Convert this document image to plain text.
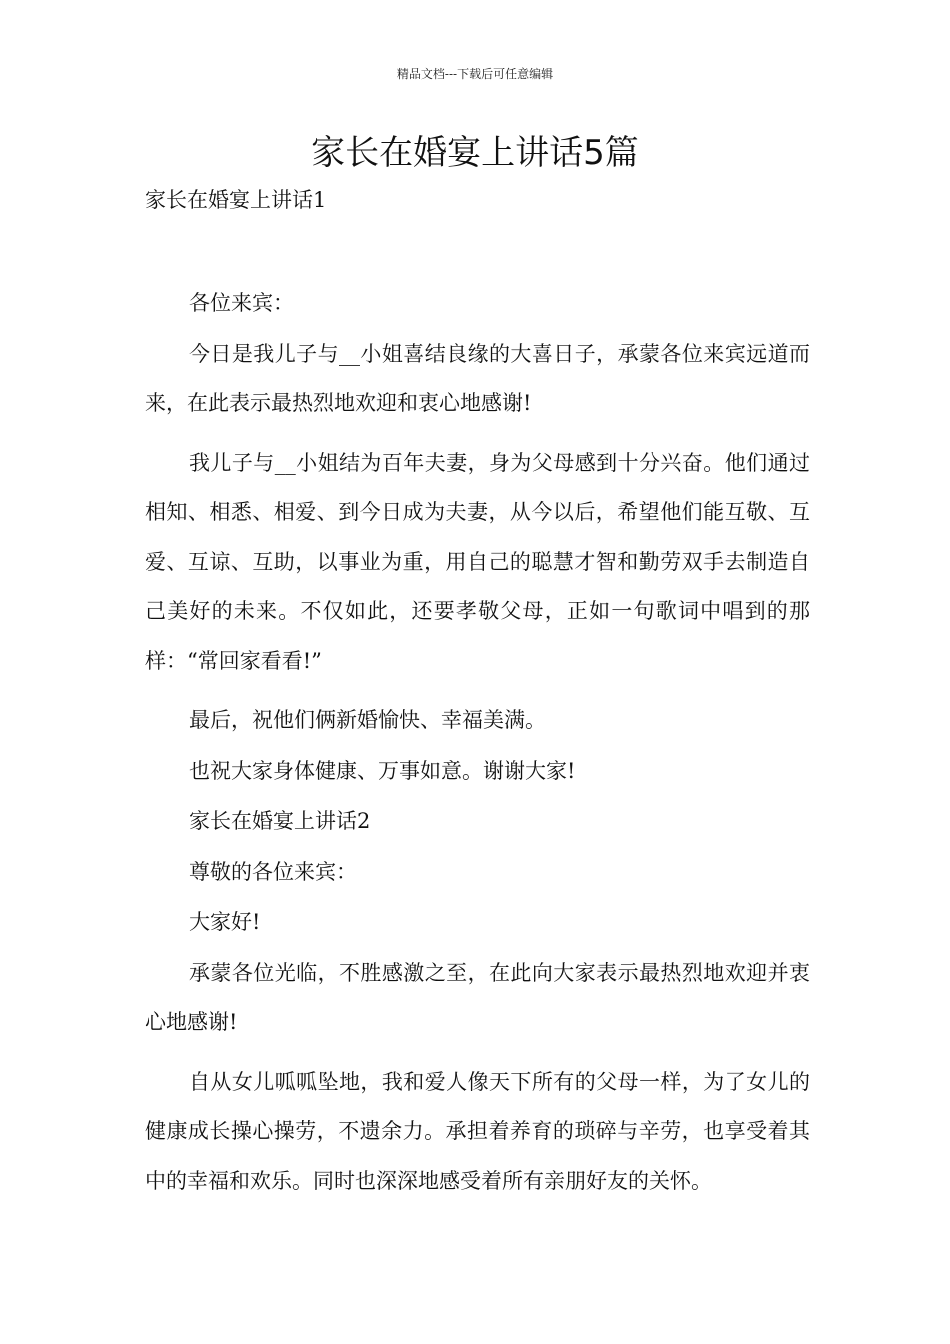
精品文档---下载后可任意编辑
家长在婚宴上讲话5篇
家长在婚宴上讲话1

各位来宾：

今日是我儿子与__小姐喜结良缘的大喜日子，承蒙各位来宾远道而来，在此表示最热烈地欢迎和衷心地感谢!

我儿子与__小姐结为百年夫妻，身为父母感到十分兴奋。他们通过相知、相悉、相爱、到今日成为夫妻，从今以后，希望他们能互敬、互爱、互谅、互助，以事业为重，用自己的聪慧才智和勤劳双手去制造自己美好的未来。不仅如此，还要孝敬父母，正如一句歌词中唱到的那样：“常回家看看!”

最后，祝他们俩新婚愉快、幸福美满。

也祝大家身体健康、万事如意。谢谢大家!

家长在婚宴上讲话2

尊敬的各位来宾：

大家好!

承蒙各位光临，不胜感激之至，在此向大家表示最热烈地欢迎并衷心地感谢!

自从女儿呱呱坠地，我和爱人像天下所有的父母一样，为了女儿的健康成长操心操劳，不遗余力。承担着养育的琐碎与辛劳，也享受着其中的幸福和欢乐。同时也深深地感受着所有亲朋好友的关怀。
